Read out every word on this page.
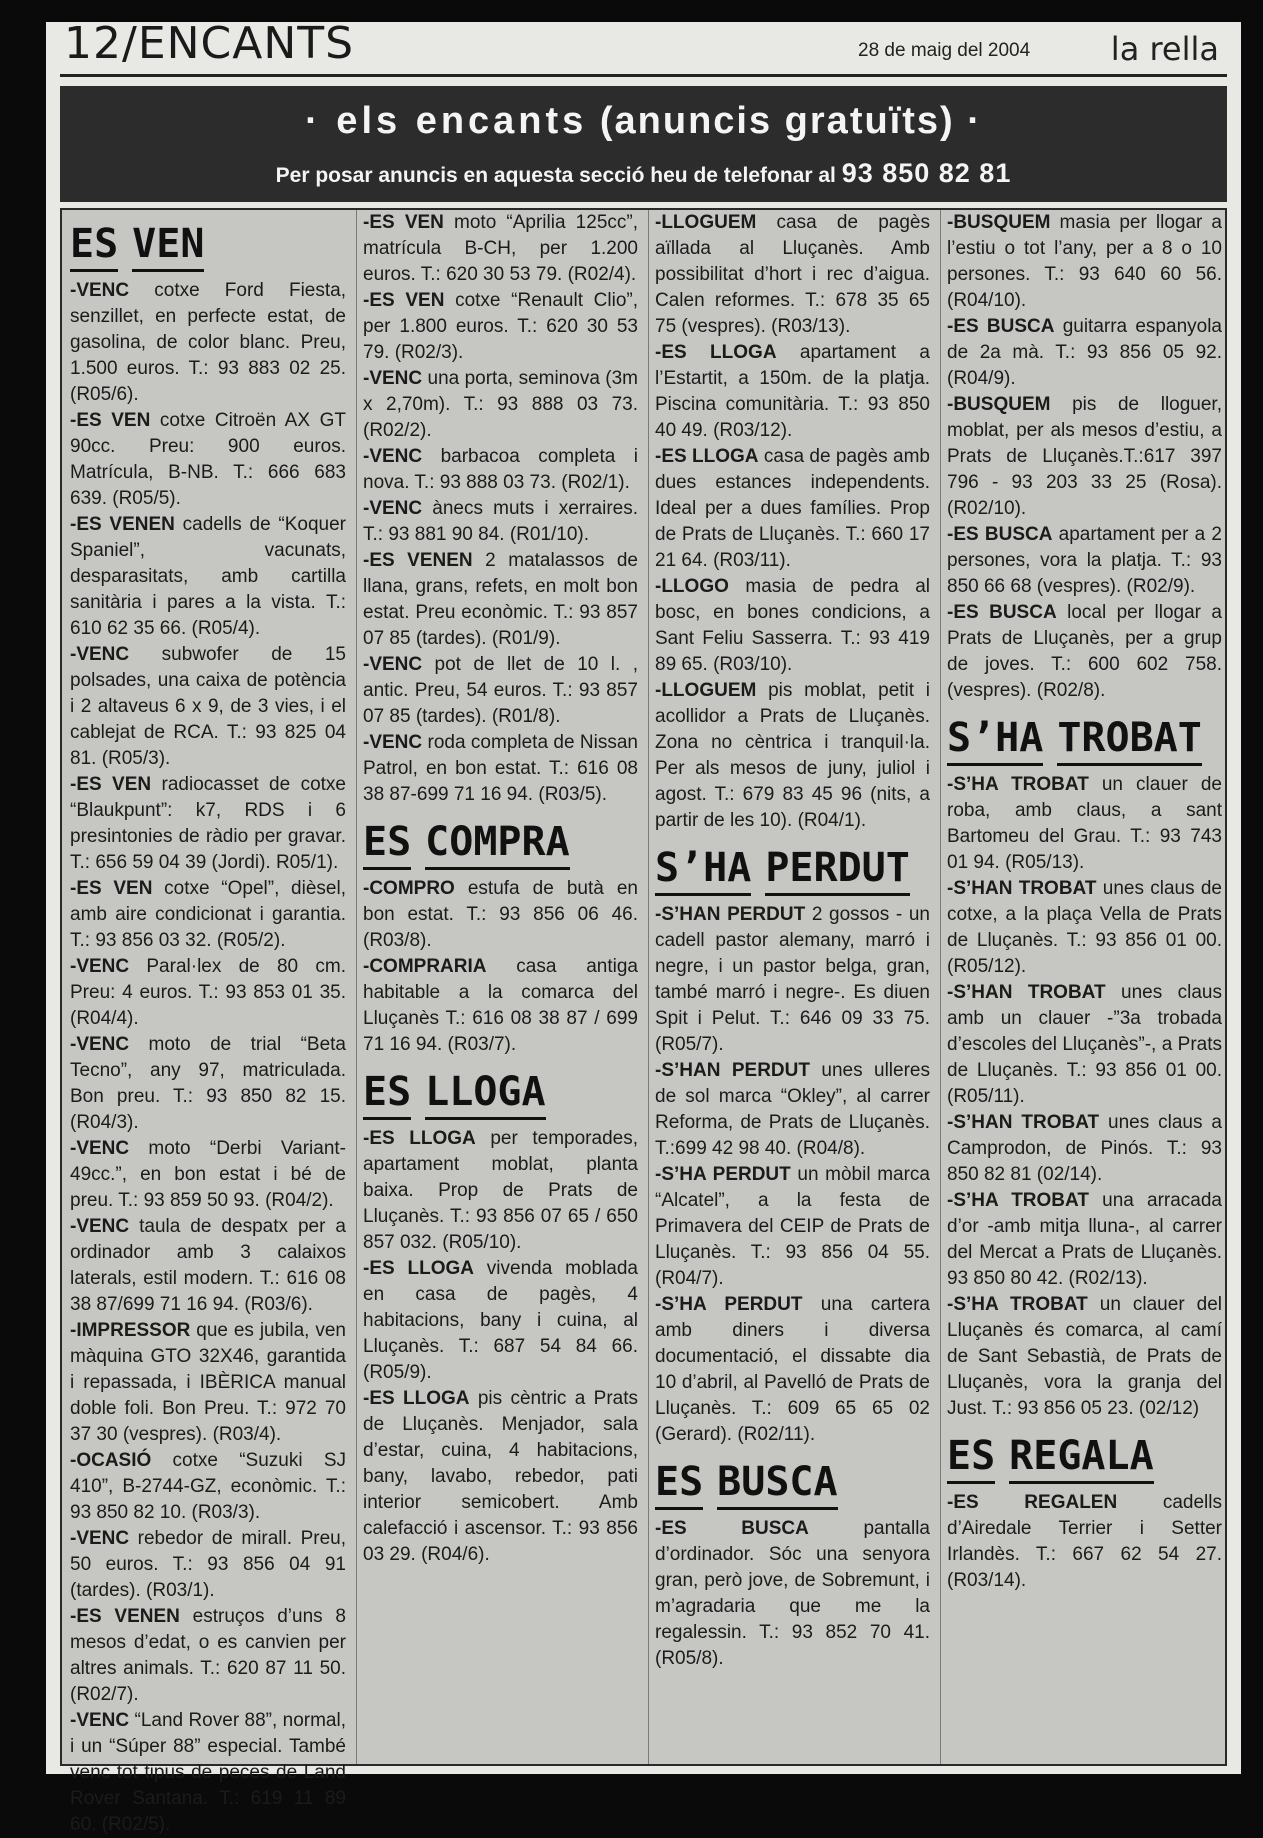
12/ENCANTS	28 de maig del 2004	la rella
· els encants (anuncis gratuïts) ·
Per posar anuncis en aquesta secció heu de telefonar al 93 850 82 81
ES VEN
-VENC cotxe Ford Fiesta, senzillet, en perfecte estat, de gasolina, de color blanc. Preu, 1.500 euros. T.: 93 883 02 25. (R05/6).
-ES VEN cotxe Citroën AX GT 90cc. Preu: 900 euros. Matrícula, B-NB. T.: 666 683 639. (R05/5).
-ES VENEN cadells de “Koquer Spaniel”, vacunats, desparasitats, amb cartilla sanitària i pares a la vista. T.: 610 62 35 66. (R05/4).
-VENC subwofer de 15 polsades, una caixa de potència i 2 altaveus 6 x 9, de 3 vies, i el cablejat de RCA. T.: 93 825 04 81. (R05/3).
-ES VEN radiocasset de cotxe “Blaukpunt”: k7, RDS i 6 presintonies de ràdio per gravar. T.: 656 59 04 39 (Jordi). R05/1).
-ES VEN cotxe “Opel”, dièsel, amb aire condicionat i garantia. T.: 93 856 03 32. (R05/2).
-VENC Paral·lex de 80 cm. Preu: 4 euros. T.: 93 853 01 35. (R04/4).
-VENC moto de trial “Beta Tecno”, any 97, matriculada. Bon preu. T.: 93 850 82 15. (R04/3).
-VENC moto “Derbi Variant-49cc.”, en bon estat i bé de preu. T.: 93 859 50 93. (R04/2).
-VENC taula de despatx per a ordinador amb 3 calaixos laterals, estil modern. T.: 616 08 38 87/699 71 16 94. (R03/6).
-IMPRESSOR que es jubila, ven màquina GTO 32X46, garantida i repassada, i IBÈRICA manual doble foli. Bon Preu. T.: 972 70 37 30 (vespres). (R03/4).
-OCASIÓ cotxe “Suzuki SJ 410”, B-2744-GZ, econòmic. T.: 93 850 82 10. (R03/3).
-VENC rebedor de mirall. Preu, 50 euros. T.: 93 856 04 91 (tardes). (R03/1).
-ES VENEN estruços d’uns 8 mesos d’edat, o es canvien per altres animals. T.: 620 87 11 50. (R02/7).
-VENC “Land Rover 88”, normal, i un “Súper 88” especial. També venc tot tipus de peces de Land Rover Santana. T.: 619 11 89 60. (R02/5).
-ES VEN moto “Aprilia 125cc”, matrícula B-CH, per 1.200 euros. T.: 620 30 53 79. (R02/4).
-ES VEN cotxe “Renault Clio”, per 1.800 euros. T.: 620 30 53 79. (R02/3).
-VENC una porta, seminova (3m x 2,70m). T.: 93 888 03 73. (R02/2).
-VENC barbacoa completa i nova. T.: 93 888 03 73. (R02/1).
-VENC ànecs muts i xerraires. T.: 93 881 90 84. (R01/10).
-ES VENEN 2 matalassos de llana, grans, refets, en molt bon estat. Preu econòmic. T.: 93 857 07 85 (tardes). (R01/9).
-VENC pot de llet de 10 l. , antic. Preu, 54 euros. T.: 93 857 07 85 (tardes). (R01/8).
-VENC roda completa de Nissan Patrol, en bon estat. T.: 616 08 38 87-699 71 16 94. (R03/5).
ES COMPRA
-COMPRO estufa de butà en bon estat. T.: 93 856 06 46. (R03/8).
-COMPRARIA casa antiga habitable a la comarca del Lluçanès T.: 616 08 38 87 / 699 71 16 94. (R03/7).
ES LLOGA
-ES LLOGA per temporades, apartament moblat, planta baixa. Prop de Prats de Lluçanès. T.: 93 856 07 65 / 650 857 032. (R05/10).
-ES LLOGA vivenda moblada en casa de pagès, 4 habitacions, bany i cuina, al Lluçanès. T.: 687 54 84 66. (R05/9).
-ES LLOGA pis cèntric a Prats de Lluçanès. Menjador, sala d’estar, cuina, 4 habitacions, bany, lavabo, rebedor, pati interior semicobert. Amb calefacció i ascensor. T.: 93 856 03 29. (R04/6).
-LLOGUEM casa de pagès aïllada al Lluçanès. Amb possibilitat d’hort i rec d’aigua. Calen reformes. T.: 678 35 65 75 (vespres). (R03/13).
-ES LLOGA apartament a l’Estartit, a 150m. de la platja. Piscina comunitària. T.: 93 850 40 49. (R03/12).
-ES LLOGA casa de pagès amb dues estances independents. Ideal per a dues famílies. Prop de Prats de Lluçanès. T.: 660 17 21 64. (R03/11).
-LLOGO masia de pedra al bosc, en bones condicions, a Sant Feliu Sasserra. T.: 93 419 89 65. (R03/10).
-LLOGUEM pis moblat, petit i acollidor a Prats de Lluçanès. Zona no cèntrica i tranquil·la. Per als mesos de juny, juliol i agost. T.: 679 83 45 96 (nits, a partir de les 10). (R04/1).
S’HA PERDUT
-S’HAN PERDUT 2 gossos - un cadell pastor alemany, marró i negre, i un pastor belga, gran, també marró i negre-. Es diuen Spit i Pelut. T.: 646 09 33 75. (R05/7).
-S’HAN PERDUT unes ulleres de sol marca “Okley”, al carrer Reforma, de Prats de Lluçanès. T.:699 42 98 40. (R04/8).
-S’HA PERDUT un mòbil marca “Alcatel”, a la festa de Primavera del CEIP de Prats de Lluçanès. T.: 93 856 04 55. (R04/7).
-S’HA PERDUT una cartera amb diners i diversa documentació, el dissabte dia 10 d’abril, al Pavelló de Prats de Lluçanès. T.: 609 65 65 02 (Gerard). (R02/11).
ES BUSCA
-ES BUSCA pantalla d’ordinador. Sóc una senyora gran, però jove, de Sobremunt, i m’agradaria que me la regalessin. T.: 93 852 70 41. (R05/8).
-BUSQUEM masia per llogar a l’estiu o tot l’any, per a 8 o 10 persones. T.: 93 640 60 56. (R04/10).
-ES BUSCA guitarra espanyola de 2a mà. T.: 93 856 05 92. (R04/9).
-BUSQUEM pis de lloguer, moblat, per als mesos d’estiu, a Prats de Lluçanès.T.:617 397 796 - 93 203 33 25 (Rosa). (R02/10).
-ES BUSCA apartament per a 2 persones, vora la platja. T.: 93 850 66 68 (vespres). (R02/9).
-ES BUSCA local per llogar a Prats de Lluçanès, per a grup de joves. T.: 600 602 758. (vespres). (R02/8).
S’HA TROBAT
-S’HA TROBAT un clauer de roba, amb claus, a sant Bartomeu del Grau. T.: 93 743 01 94. (R05/13).
-S’HAN TROBAT unes claus de cotxe, a la plaça Vella de Prats de Lluçanès. T.: 93 856 01 00. (R05/12).
-S’HAN TROBAT unes claus amb un clauer -”3a trobada d’escoles del Lluçanès”-, a Prats de Lluçanès. T.: 93 856 01 00. (R05/11).
-S’HAN TROBAT unes claus a Camprodon, de Pinós. T.: 93 850 82 81 (02/14).
-S’HA TROBAT una arracada d’or -amb mitja lluna-, al carrer del Mercat a Prats de Lluçanès. 93 850 80 42. (R02/13).
-S’HA TROBAT un clauer del Lluçanès és comarca, al camí de Sant Sebastià, de Prats de Lluçanès, vora la granja del Just. T.: 93 856 05 23. (02/12)
ES REGALA
-ES REGALEN cadells d’Airedale Terrier i Setter Irlandès. T.: 667 62 54 27. (R03/14).
